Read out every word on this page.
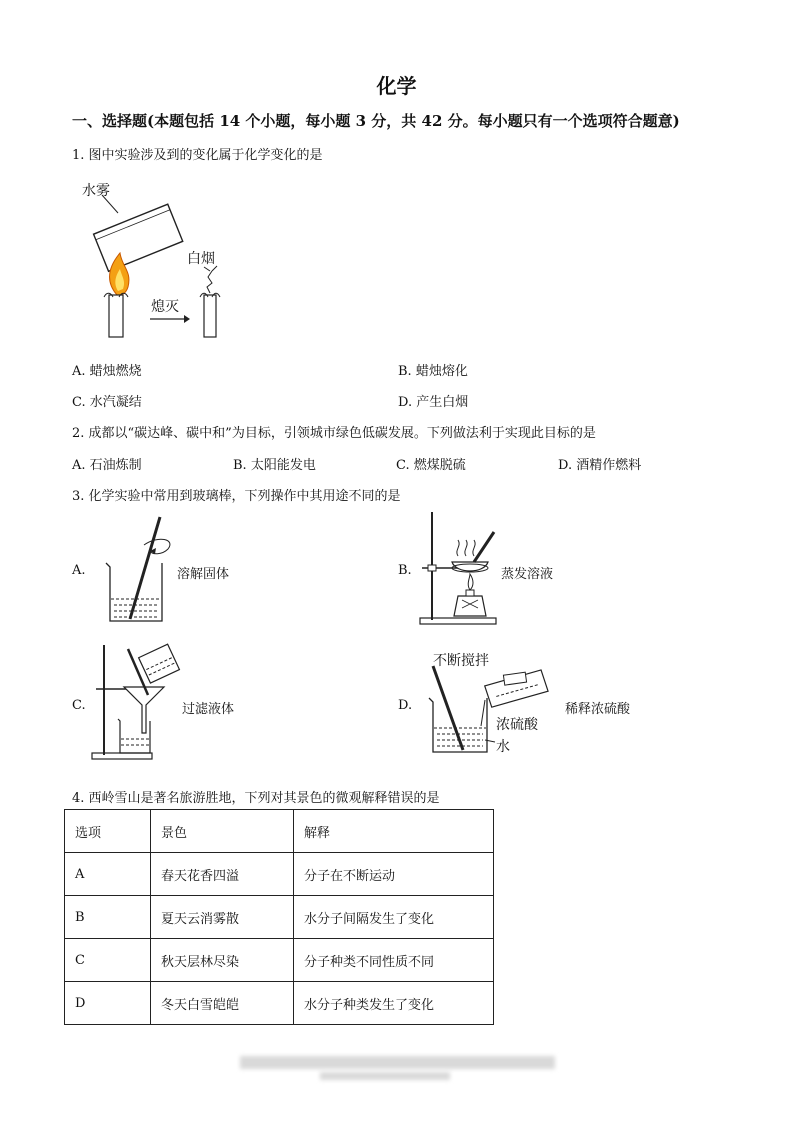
化学
一、选择题(本题包括 14 个小题，每小题 3 分，共 42 分。每小题只有一个选项符合题意)
1. 图中实验涉及到的变化属于化学变化的是
水雾
白烟
熄灭
A. 蜡烛燃烧	B. 蜡烛熔化
C. 水汽凝结	D. 产生白烟
2. 成都以“碳达峰、碳中和”为目标，引领城市绿色低碳发展。下列做法利于实现此目标的是
A. 石油炼制	B. 太阳能发电	C. 燃煤脱硫	D. 酒精作燃料
3. 化学实验中常用到玻璃棒，下列操作中其用途不同的是
A.	溶解固体	B.	蒸发溶液
C.	过滤液体	D.	稀释浓硫酸
不断搅拌
浓硫酸
水
4. 西岭雪山是著名旅游胜地，下列对其景色的微观解释错误的是
选项	景色	解释
A	春天花香四溢	分子在不断运动
B	夏天云消雾散	水分子间隔发生了变化
C	秋天层林尽染	分子种类不同性质不同
D	冬天白雪皑皑	水分子种类发生了变化
